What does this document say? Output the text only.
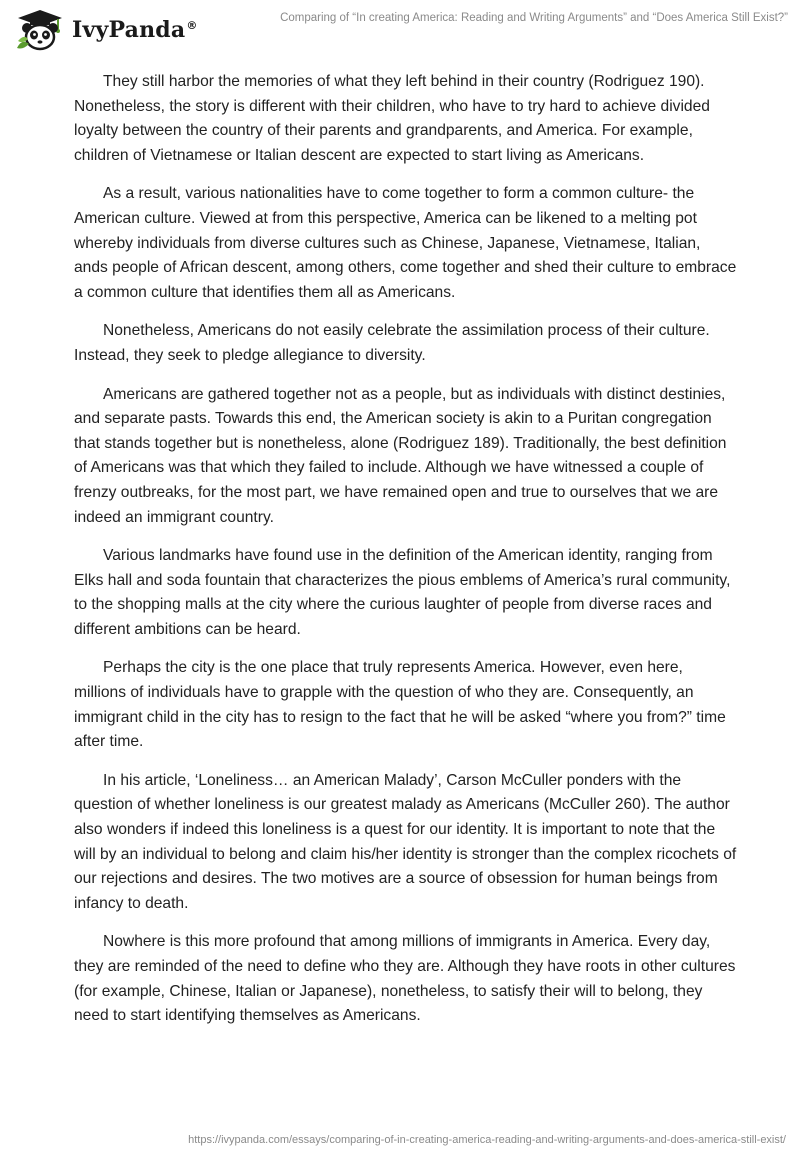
IvyPanda®
Comparing of “In creating America: Reading and Writing Arguments” and “Does America Still Exist?”

They still harbor the memories of what they left behind in their country (Rodriguez 190). Nonetheless, the story is different with their children, who have to try hard to achieve divided loyalty between the country of their parents and grandparents, and America. For example, children of Vietnamese or Italian descent are expected to start living as Americans.

As a result, various nationalities have to come together to form a common culture- the American culture. Viewed at from this perspective, America can be likened to a melting pot whereby individuals from diverse cultures such as Chinese, Japanese, Vietnamese, Italian, ands people of African descent, among others, come together and shed their culture to embrace a common culture that identifies them all as Americans.

Nonetheless, Americans do not easily celebrate the assimilation process of their culture. Instead, they seek to pledge allegiance to diversity.

Americans are gathered together not as a people, but as individuals with distinct destinies, and separate pasts. Towards this end, the American society is akin to a Puritan congregation that stands together but is nonetheless, alone (Rodriguez 189). Traditionally, the best definition of Americans was that which they failed to include. Although we have witnessed a couple of frenzy outbreaks, for the most part, we have remained open and true to ourselves that we are indeed an immigrant country.

Various landmarks have found use in the definition of the American identity, ranging from Elks hall and soda fountain that characterizes the pious emblems of America’s rural community, to the shopping malls at the city where the curious laughter of people from diverse races and different ambitions can be heard.

Perhaps the city is the one place that truly represents America. However, even here, millions of individuals have to grapple with the question of who they are. Consequently, an immigrant child in the city has to resign to the fact that he will be asked “where you from?” time after time.

In his article, ‘Loneliness… an American Malady’, Carson McCuller ponders with the question of whether loneliness is our greatest malady as Americans (McCuller 260). The author also wonders if indeed this loneliness is a quest for our identity. It is important to note that the will by an individual to belong and claim his/her identity is stronger than the complex ricochets of our rejections and desires. The two motives are a source of obsession for human beings from infancy to death.

Nowhere is this more profound that among millions of immigrants in America. Every day, they are reminded of the need to define who they are. Although they have roots in other cultures (for example, Chinese, Italian or Japanese), nonetheless, to satisfy their will to belong, they need to start identifying themselves as Americans.

https://ivypanda.com/essays/comparing-of-in-creating-america-reading-and-writing-arguments-and-does-america-still-exist/
